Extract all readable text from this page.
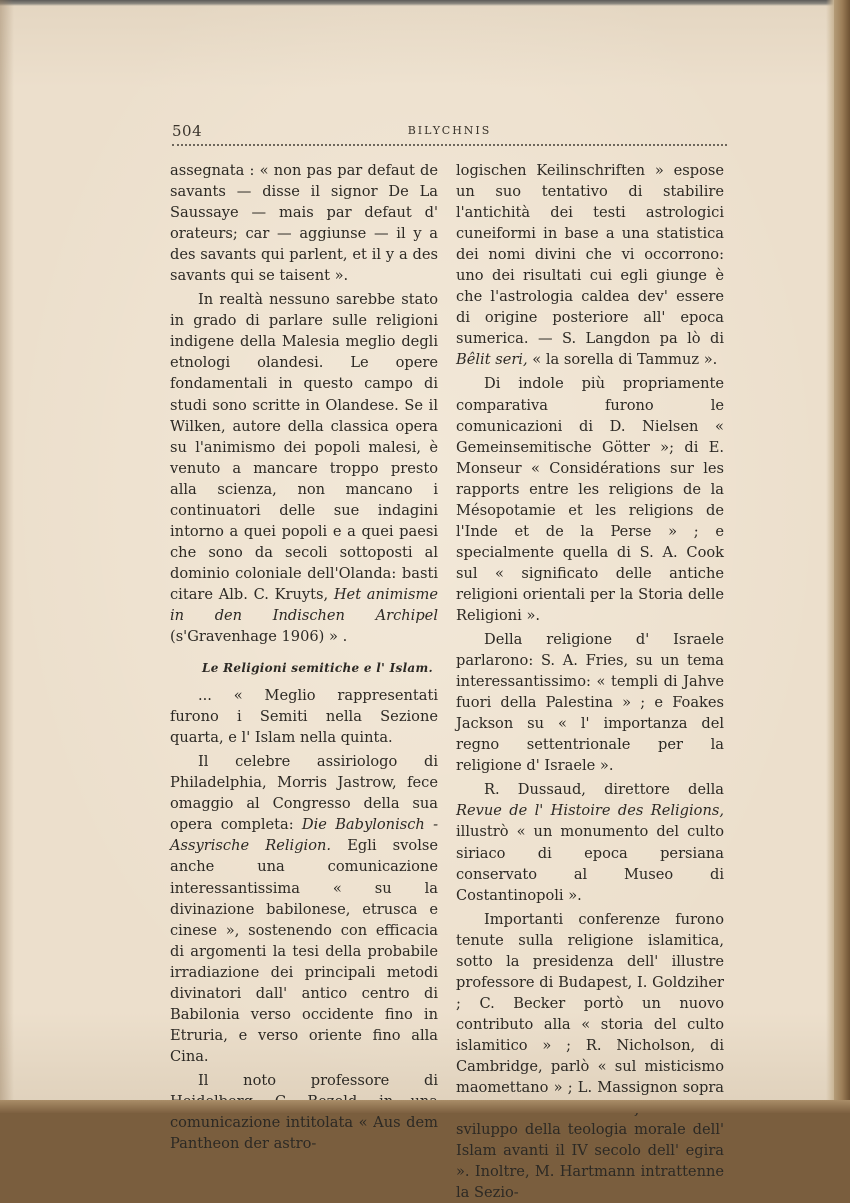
504	BILYCHNIS

assegnata : « non pas par defaut de savants — disse il signor De La Saussaye — mais par defaut d' orateurs; car — aggiunse — il y a des savants qui parlent, et il y a des savants qui se taisent ».

In realtà nessuno sarebbe stato in grado di parlare sulle religioni indigene della Malesia meglio degli etnologi olandesi. Le opere fondamentali in questo campo di studi sono scritte in Olandese. Se il Wilken, autore della classica opera su l'animismo dei popoli malesi, è venuto a mancare troppo presto alla scienza, non mancano i continuatori delle sue indagini intorno a quei popoli e a quei paesi che sono da secoli sottoposti al dominio coloniale dell'Olanda: basti citare Alb. C. Kruyts, Het animisme in den Indischen Archipel (s'Gravenhage 1906) » .

Le Religioni semitiche e l' Islam.

... « Meglio rappresentati furono i Semiti nella Sezione quarta, e l' Islam nella quinta.

Il celebre assiriologo di Philadelphia, Morris Jastrow, fece omaggio al Congresso della sua opera completa: Die Babylonisch - Assyrische Religion. Egli svolse anche una comunicazione interessantissima « su la divinazione babilonese, etrusca e cinese », sostenendo con efficacia di argomenti la tesi della probabile irradiazione dei principali metodi divinatori dall' antico centro di Babilonia verso occidente fino in Etruria, e verso oriente fino alla Cina.

Il noto professore di comunicazione intitolata « Aus dem Pantheon der astro-

logischen Keilinschriften » espose un suo tentativo di stabilire l'antichità dei testi astrologici cuneiformi in base a una statistica dei nomi divini che vi occorrono: uno dei risultati cui egli giunge è che l'astrologia caldea dev' essere di origine posteriore all' epoca sumerica. — S. Langdon pa lò di Bêlit seri, « la sorella di Tammuz ».

Di indole più propriamente comparativa furono le comunicazioni di D. Nielsen « Gemeinsemitische Götter »; di E. Monseur « Considérations sur les rapports entre les religions de la Mésopotamie et les religions de l'Inde et de la Perse » ; e specialmente quella di S. A. Cook sul « significato delle antiche religioni orientali per la Storia delle Religioni ».

Della religione d' Israele parlarono: S. A. Fries, su un tema interessantissimo: « templi di Jahve fuori della Palestina » ; e Foakes Jackson su « l' importanza del regno settentrionale per la religione d' Israele ».

R. Dussaud, direttore della Revue de l' Histoire des Religions, illustrò « un monumento del culto siriaco di epoca persiana conservato al Museo di Costantinopoli ».

Importanti conferenze furono tenute sulla religione islamitica, sotto la presidenza dell' illustre professore di Budapest, I. Goldziher ; C. Becker portò un nuovo contributo alla « storia del culto islamitico » ; R. Nicholson, di Cambridge, parlò « sul misticismo maomettano » ; L. Massignon sopra sviluppo della teologia morale dell' Islam avanti il IV secolo dell' egira ». Inoltre, M. Hartmann intrattenne la Sezio-
